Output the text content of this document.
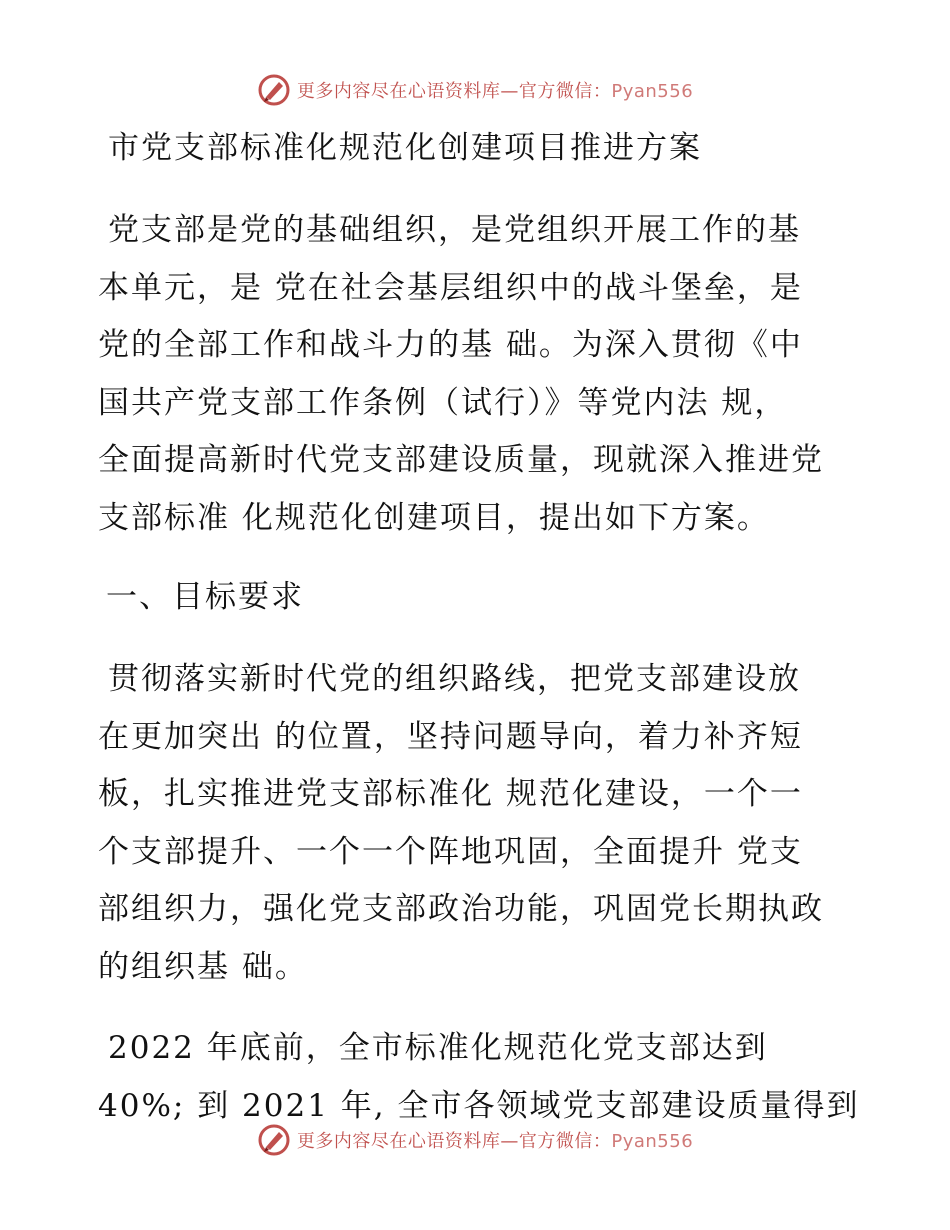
更多内容尽在心语资料库—官方微信：Pyan556
市党支部标准化规范化创建项目推进方案

党支部是党的基础组织，是党组织开展工作的基
本单元，是 党在社会基层组织中的战斗堡垒，是
党的全部工作和战斗力的基 础。为深入贯彻《中
国共产党支部工作条例（试行）》等党内法 规，
全面提高新时代党支部建设质量，现就深入推进党
支部标准 化规范化创建项目，提出如下方案。

一、目标要求

贯彻落实新时代党的组织路线，把党支部建设放
在更加突出 的位置，坚持问题导向，着力补齐短
板，扎实推进党支部标准化 规范化建设，一个一
个支部提升、一个一个阵地巩固，全面提升 党支
部组织力，强化党支部政治功能，巩固党长期执政
的组织基 础。

2022 年底前，全市标准化规范化党支部达到
40%; 到 2021 年, 全市各领域党支部建设质量得到

更多内容尽在心语资料库—官方微信：Pyan556
